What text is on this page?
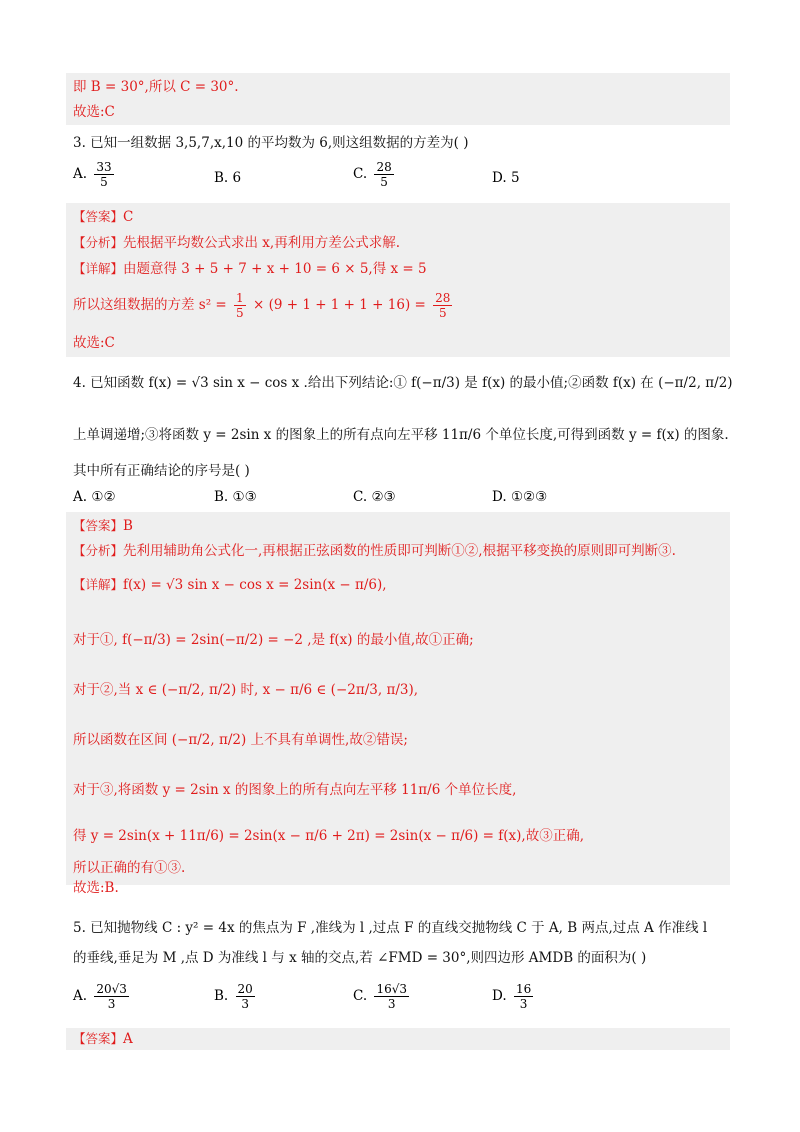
即 B = 30°,所以 C = 30°.
故选:C
3. 已知一组数据 3,5,7,x,10 的平均数为 6,则这组数据的方差为( )
A. $\frac{33}{5}$	B. 6	C. $\frac{28}{5}$	D. 5
【答案】C
【分析】先根据平均数公式求出 x,再利用方差公式求解.
【详解】由题意得 3 + 5 + 7 + x + 10 = 6 × 5,得 x = 5
所以这组数据的方差 $s^2 = \frac{1}{5} \times (9 + 1 + 1 + 1 + 16) = \frac{28}{5}$
故选:C
4. 已知函数 f(x) = √3 sin x − cos x .给出下列结论:① f(−π/3) 是 f(x) 的最小值;②函数 f(x) 在 (−π/2, π/2)
上单调递增;③将函数 y = 2sin x 的图象上的所有点向左平移 11π/6 个单位长度,可得到函数 y = f(x) 的图象.
其中所有正确结论的序号是( )
A. ①②	B. ①③	C. ②③	D. ①②③
【答案】B
【分析】先利用辅助角公式化一,再根据正弦函数的性质即可判断①②,根据平移变换的原则即可判断③.
【详解】f(x) = √3 sin x − cos x = 2sin(x − π/6),
对于①, f(−π/3) = 2sin(−π/2) = −2 ,是 f(x) 的最小值,故①正确;
对于②,当 x ∈ (−π/2, π/2) 时, x − π/6 ∈ (−2π/3, π/3),
所以函数在区间 (−π/2, π/2) 上不具有单调性,故②错误;
对于③,将函数 y = 2sin x 的图象上的所有点向左平移 11π/6 个单位长度,
得 y = 2sin(x + 11π/6) = 2sin(x − π/6 + 2π) = 2sin(x − π/6) = f(x),故③正确,
所以正确的有①③.
故选:B.
5. 已知抛物线 C : y² = 4x 的焦点为 F ,准线为 l ,过点 F 的直线交抛物线 C 于 A, B 两点,过点 A 作准线 l
的垂线,垂足为 M ,点 D 为准线 l 与 x 轴的交点,若 ∠FMD = 30°,则四边形 AMDB 的面积为( )
A. $\frac{20√3}{3}$	B. $\frac{20}{3}$	C. $\frac{16√3}{3}$	D. $\frac{16}{3}$
【答案】A
